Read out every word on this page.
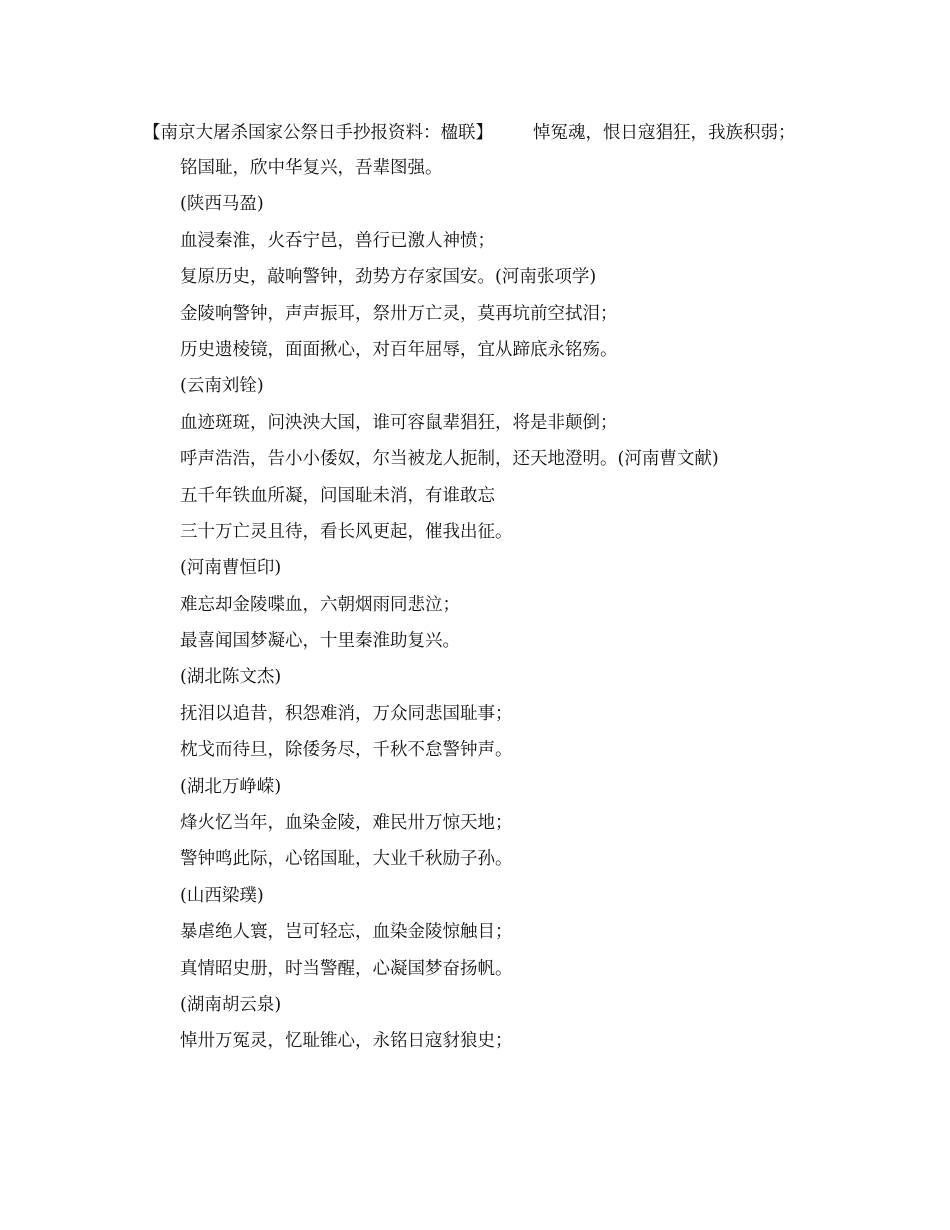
【南京大屠杀国家公祭日手抄报资料：楹联】 悼冤魂，恨日寇猖狂，我族积弱；

铭国耻，欣中华复兴，吾辈图强。
(陕西马盈)
血浸秦淮，火吞宁邑，兽行已激人神愤；
复原历史，敲响警钟，劲势方存家国安。(河南张项学)
金陵响警钟，声声振耳，祭卅万亡灵，莫再坑前空拭泪；
历史遗棱镜，面面揪心，对百年屈辱，宜从蹄底永铭殇。
(云南刘铨)
血迹斑斑，问泱泱大国，谁可容鼠辈猖狂，将是非颠倒；
呼声浩浩，告小小倭奴，尔当被龙人扼制，还天地澄明。(河南曹文献)
五千年铁血所凝，问国耻未消，有谁敢忘
三十万亡灵且待，看长风更起，催我出征。
(河南曹恒印)
难忘却金陵喋血，六朝烟雨同悲泣；
最喜闻国梦凝心，十里秦淮助复兴。
(湖北陈文杰)
抚泪以追昔，积怨难消，万众同悲国耻事；
枕戈而待旦，除倭务尽，千秋不怠警钟声。
(湖北万峥嵘)
烽火忆当年，血染金陵，难民卅万惊天地；
警钟鸣此际，心铭国耻，大业千秋励子孙。
(山西梁璞)
暴虐绝人寰，岂可轻忘，血染金陵惊触目；
真情昭史册，时当警醒，心凝国梦奋扬帆。
(湖南胡云泉)
悼卅万冤灵，忆耻锥心，永铭日寇豺狼史；
